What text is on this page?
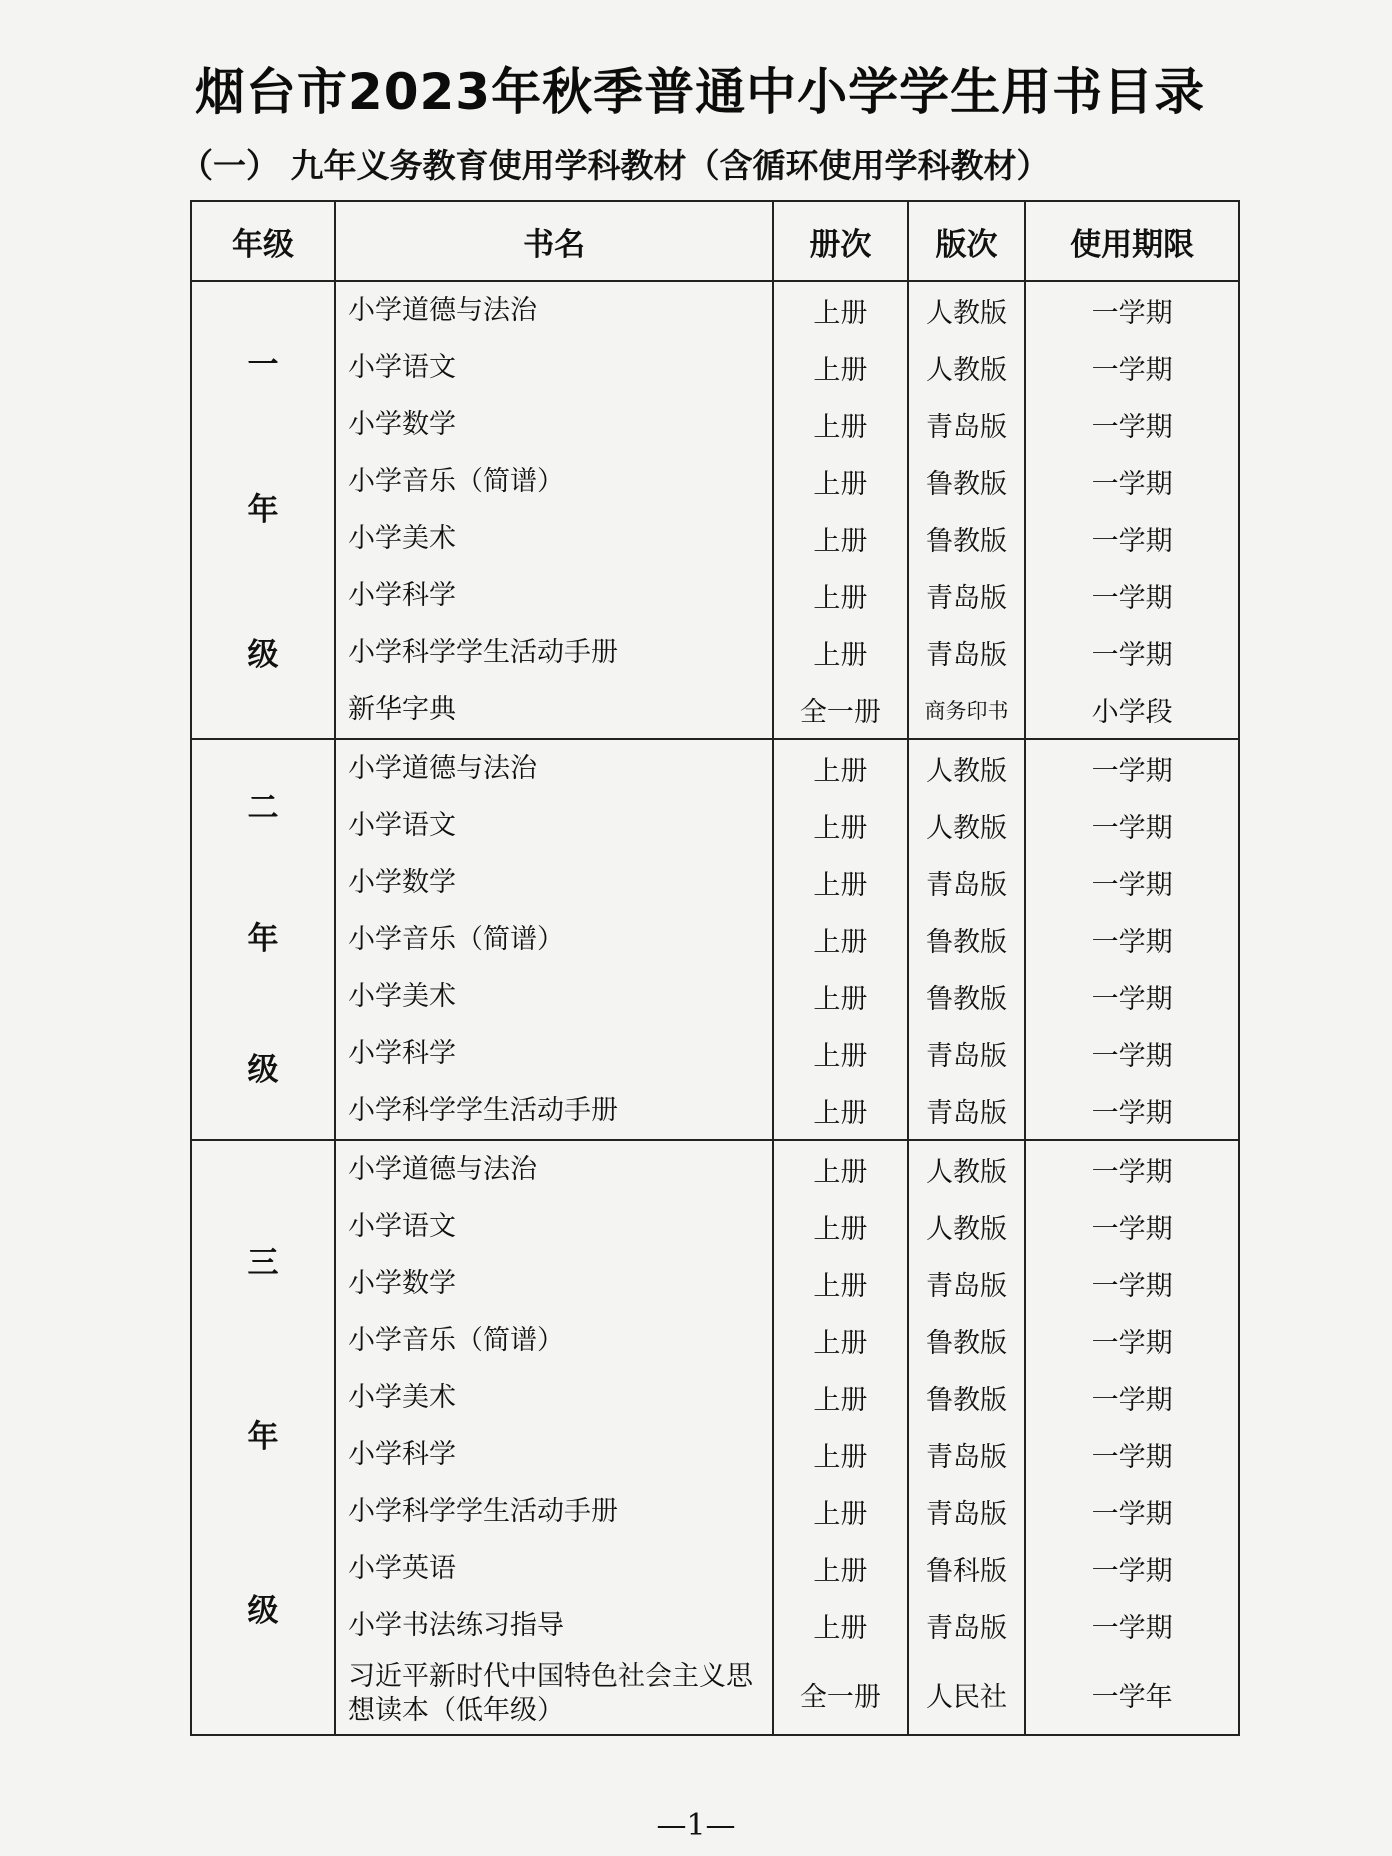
烟台市2023年秋季普通中小学学生用书目录
（一） 九年义务教育使用学科教材（含循环使用学科教材）
年级	书名	册次	版次	使用期限

一
年
级	小学道德与法治	上册	人教版	一学期
	小学语文	上册	人教版	一学期
	小学数学	上册	青岛版	一学期
	小学音乐（简谱）	上册	鲁教版	一学期
	小学美术	上册	鲁教版	一学期
	小学科学	上册	青岛版	一学期
	小学科学学生活动手册	上册	青岛版	一学期
	新华字典	全一册	商务印书	小学段

二
年
级	小学道德与法治	上册	人教版	一学期
	小学语文	上册	人教版	一学期
	小学数学	上册	青岛版	一学期
	小学音乐（简谱）	上册	鲁教版	一学期
	小学美术	上册	鲁教版	一学期
	小学科学	上册	青岛版	一学期
	小学科学学生活动手册	上册	青岛版	一学期

三
年
级	小学道德与法治	上册	人教版	一学期
	小学语文	上册	人教版	一学期
	小学数学	上册	青岛版	一学期
	小学音乐（简谱）	上册	鲁教版	一学期
	小学美术	上册	鲁教版	一学期
	小学科学	上册	青岛版	一学期
	小学科学学生活动手册	上册	青岛版	一学期
	小学英语	上册	鲁科版	一学期
	小学书法练习指导	上册	青岛版	一学期
	习近平新时代中国特色社会主义思想读本（低年级）	全一册	人民社	一学年
—1—
